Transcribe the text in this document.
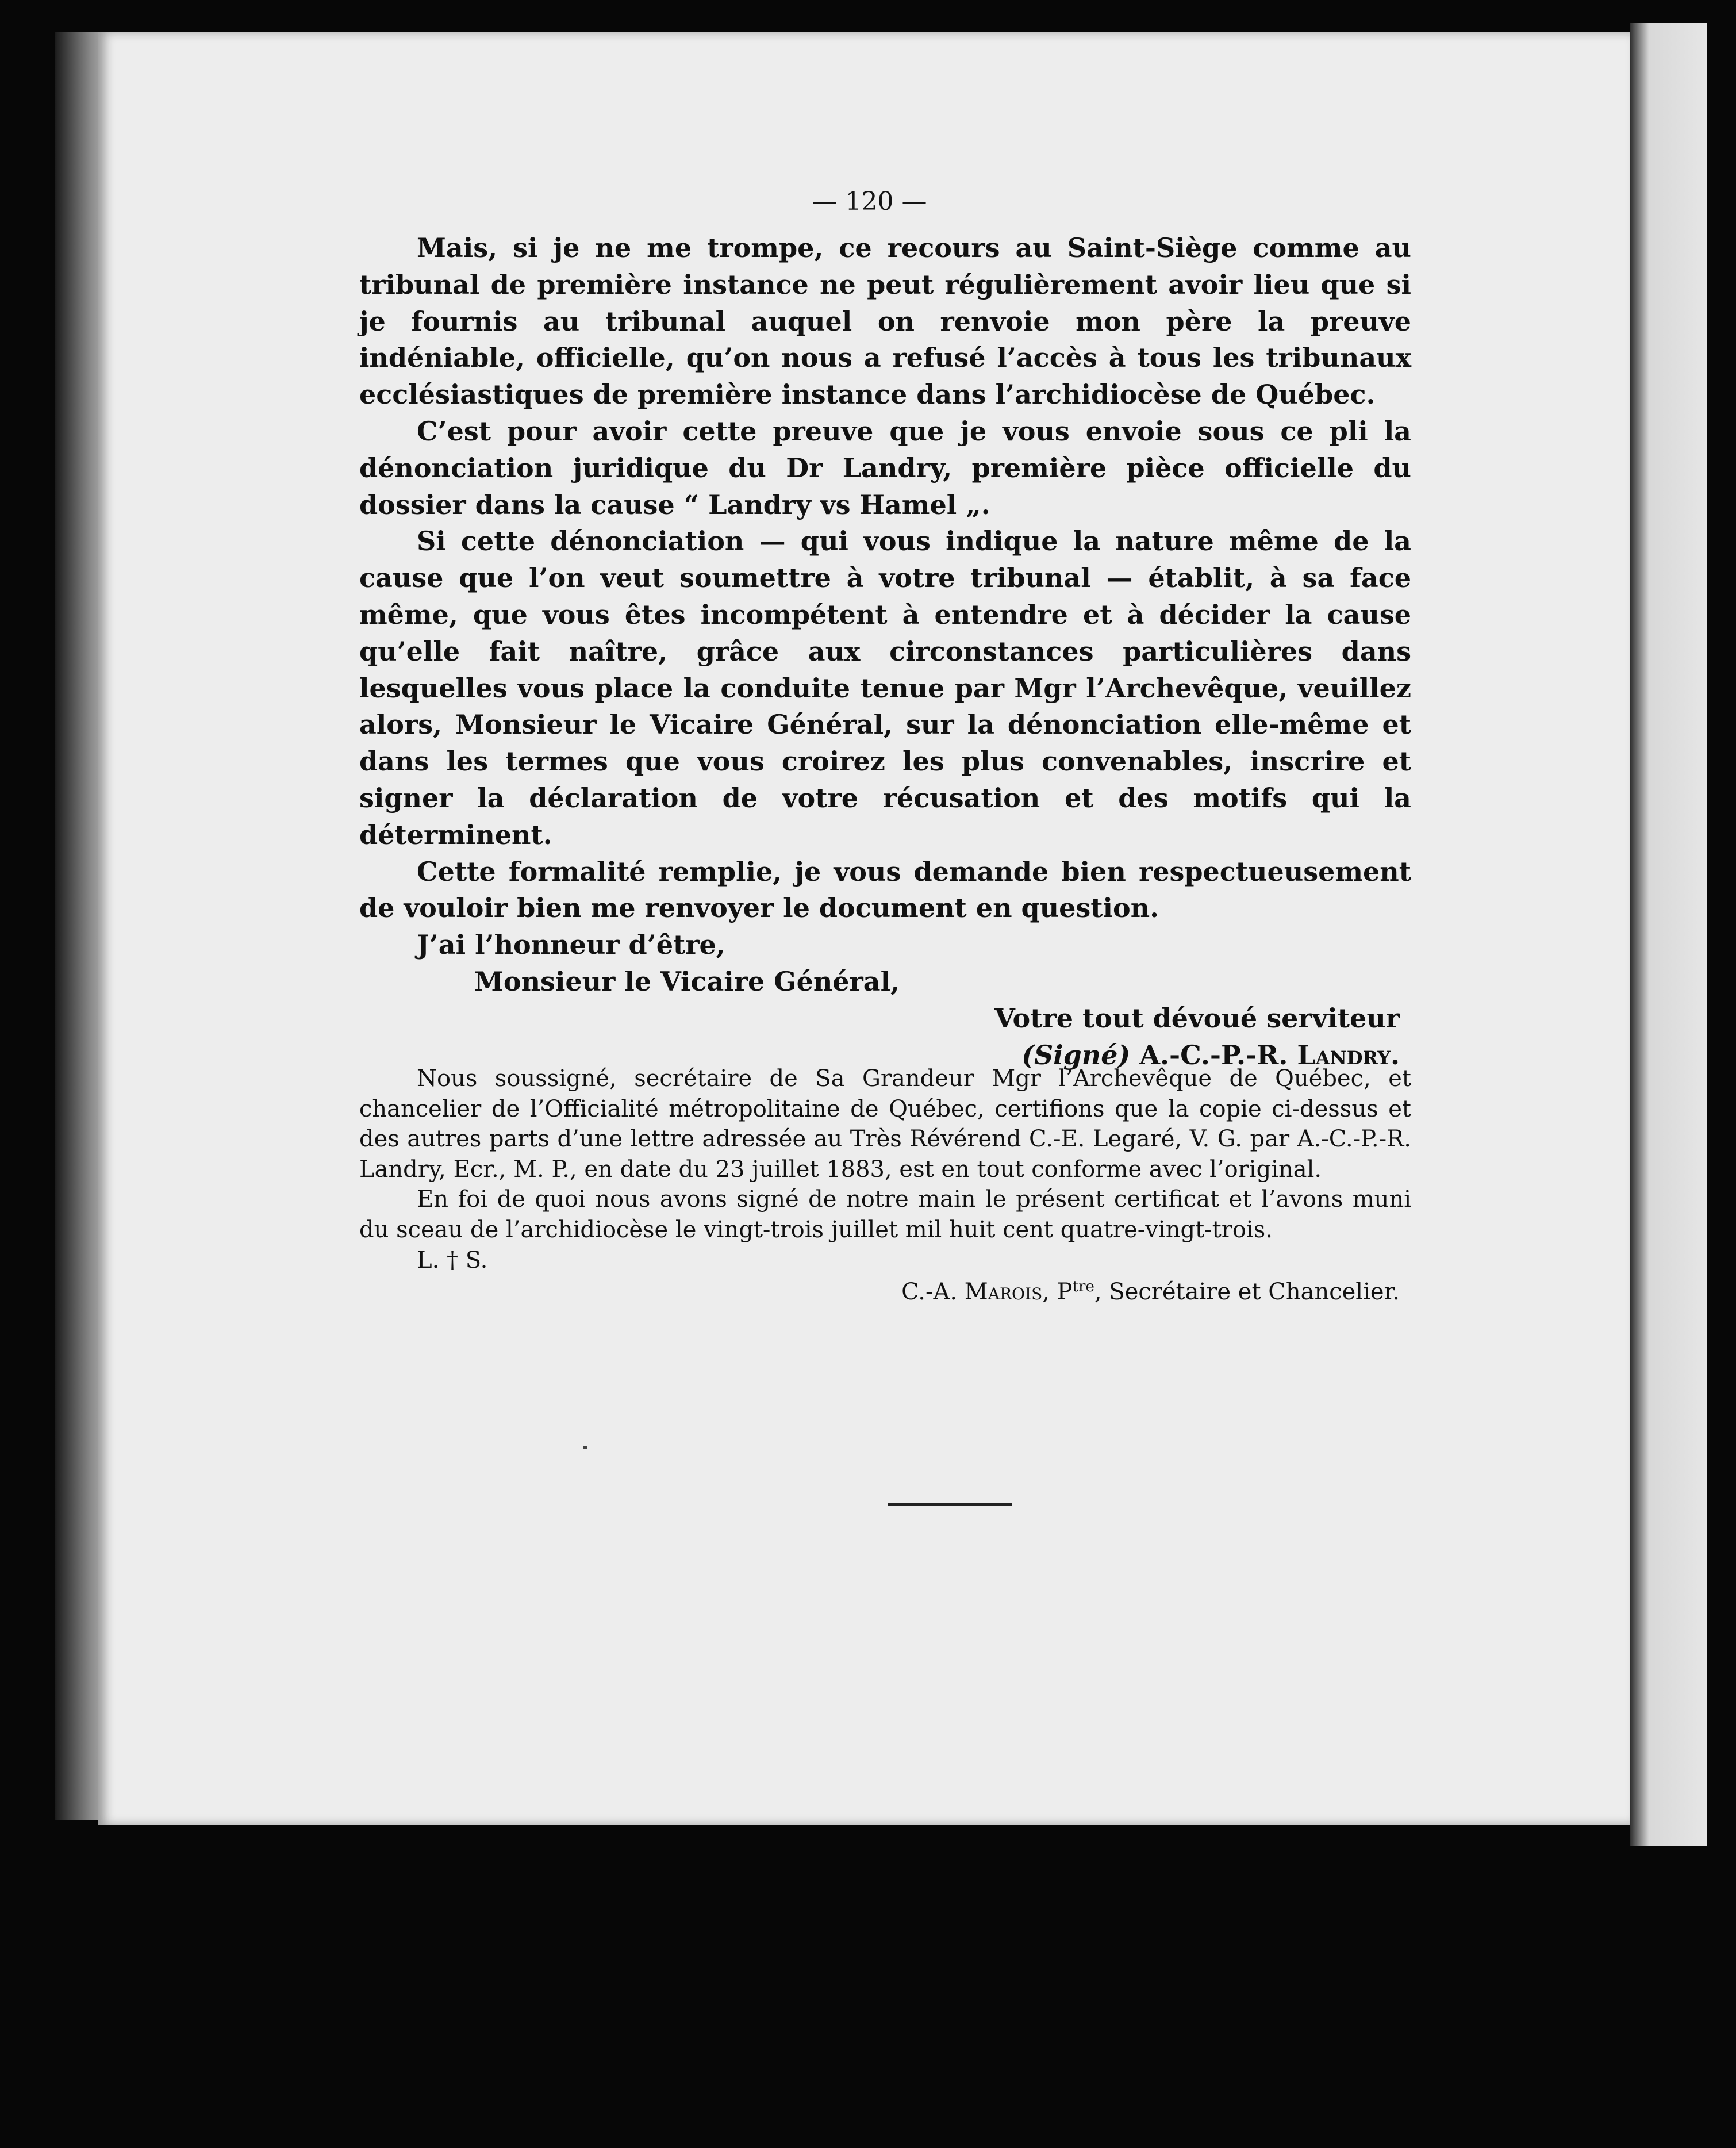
— 120 —

Mais, si je ne me trompe, ce recours au Saint-Siège comme au tribunal de première instance ne peut régulièrement avoir lieu que si je fournis au tribunal auquel on renvoie mon père la preuve indéniable, officielle, qu’on nous a refusé l’accès à tous les tribunaux ecclésiastiques de première instance dans l’archidiocèse de Québec.

C’est pour avoir cette preuve que je vous envoie sous ce pli la dénonciation juridique du Dr Landry, première pièce officielle du dossier dans la cause “ Landry vs Hamel „.

Si cette dénonciation — qui vous indique la nature même de la cause que l’on veut soumettre à votre tribunal — établit, à sa face même, que vous êtes incompétent à entendre et à décider la cause qu’elle fait naître, grâce aux circonstances particulières dans lesquelles vous place la conduite tenue par Mgr l’Archevêque, veuillez alors, Monsieur le Vicaire Général, sur la dénonciation elle-même et dans les termes que vous croirez les plus convenables, inscrire et signer la déclaration de votre récusation et des motifs qui la déterminent.

Cette formalité remplie, je vous demande bien respectueusement de vouloir bien me renvoyer le document en question.

J’ai l’honneur d’être,
Monsieur le Vicaire Général,
Votre tout dévoué serviteur
(Signé) A.-C.-P.-R. Landry.

Nous soussigné, secrétaire de Sa Grandeur Mgr l’Archevêque de Québec, et chancelier de l’Officialité métropolitaine de Québec, certifions que la copie ci-dessus et des autres parts d’une lettre adressée au Très Révérend C.-E. Legaré, V. G. par A.-C.-P.-R. Landry, Ecr., M. P., en date du 23 juillet 1883, est en tout conforme avec l’original.

En foi de quoi nous avons signé de notre main le présent certificat et l’avons muni du sceau de l’archidiocèse le vingt-trois juillet mil huit cent quatre-vingt-trois.

L. † S.
C.-A. Marois, $P^{tre}$, Secrétaire et Chancelier.
